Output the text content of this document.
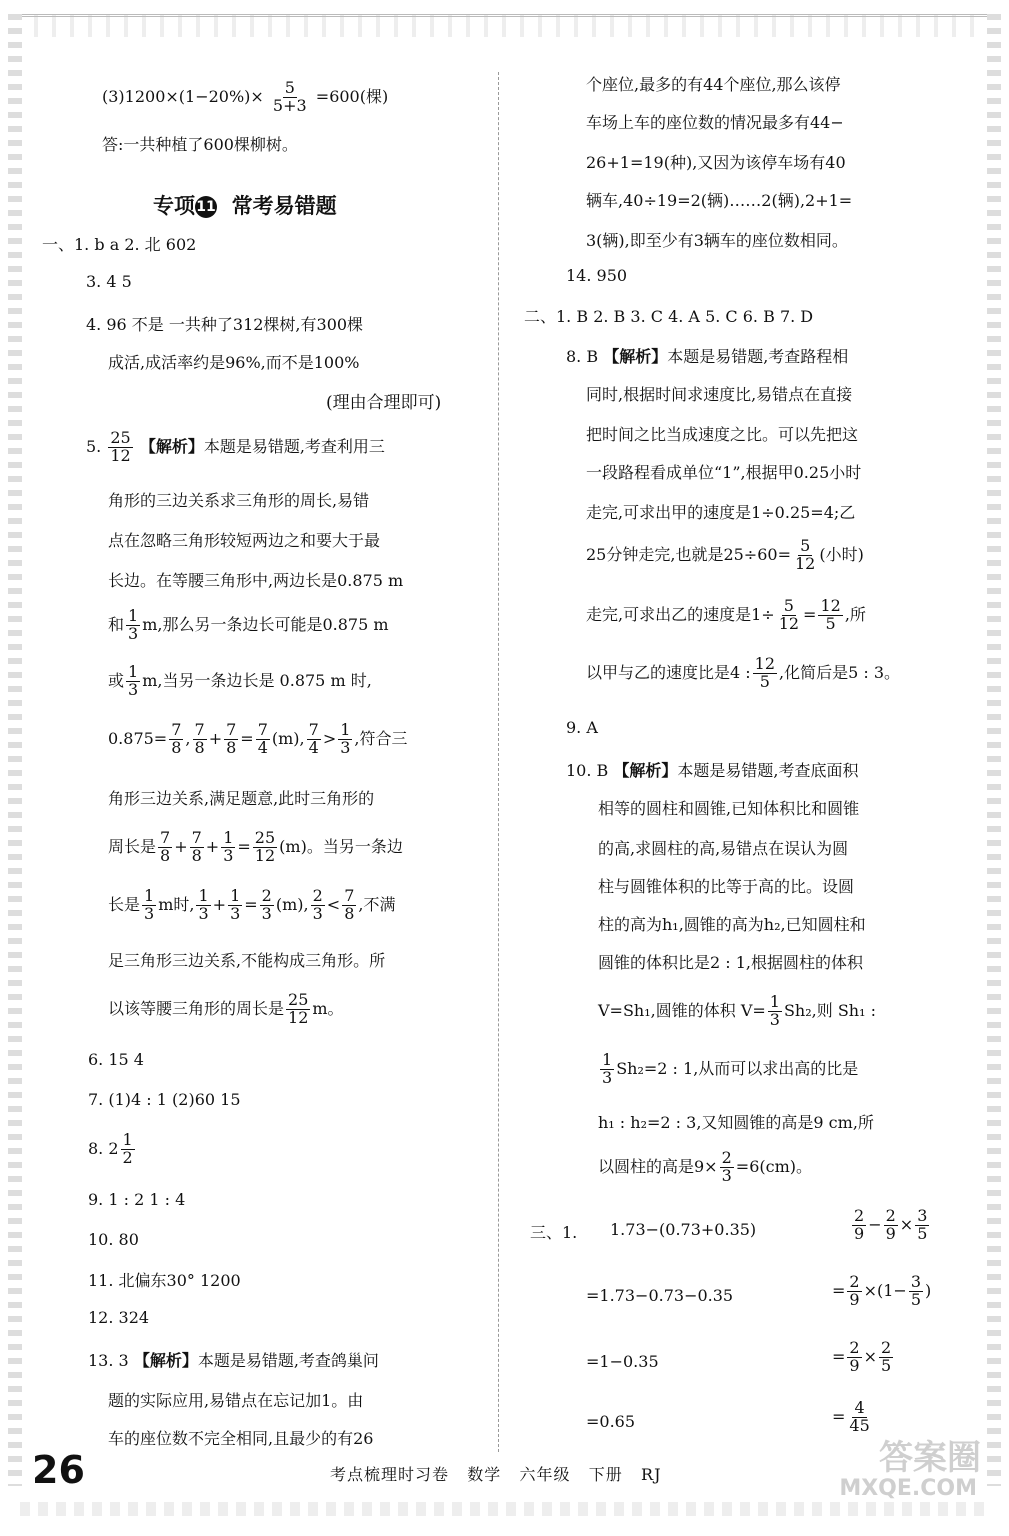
$(3)1200\times(1-20\%)\times \frac{5}{5+3} =600$(棵)
答:一共种植了600棵柳树。
专项11  常考易错题
一、1. b a 2. 北 602
3. 4 5
4. 96 不是 一共种了312棵树,有300棵
成活,成活率约是96%,而不是100%
(理由合理即可)
5. $\frac{25}{12}$ 【解析】本题是易错题,考查利用三
角形的三边关系求三角形的周长,易错
点在忽略三角形较短两边之和要大于最
长边。在等腰三角形中,两边长是0.875 m
和 $\frac{1}{3} m$,那么另一条边长可能是0.875 m
或 $\frac{1}{3} m$,当另一条边长是 0.875 m 时,
$0.875= \frac{7}{8}$ , $\frac{7}{8} + \frac{7}{8} = \frac{7}{4} (m)$, $\frac{7}{4} > \frac{1}{3}$ ,符合三
角形三边关系,满足题意,此时三角形的
周长是 $\frac{7}{8} + \frac{7}{8} + \frac{1}{3} = \frac{25}{12} (m)$。当另一条边
长是 $\frac{1}{3}$ m时, $\frac{1}{3} + \frac{1}{3} = \frac{2}{3} (m)$, $\frac{2}{3} < \frac{7}{8}$ ,不满
足三角形三边关系,不能构成三角形。所
以该等腰三角形的周长是 $\frac{25}{12}$ m。
6. 15 4
7. (1)4 : 1 (2)60 15
8. $2 \frac{1}{2}$
9. 1 : 2 1 : 4
10. 80
11. 北偏东30° 1200
12. 324
13. 3 【解析】本题是易错题,考查鸽巢问
题的实际应用,易错点在忘记加1。由
车的座位数不完全相同,且最少的有26
个座位,最多的有44个座位,那么该停
车场上车的座位数的情况最多有44−
26+1=19(种),又因为该停车场有40
辆车,40÷19=2(辆)……2(辆),2+1=
3(辆),即至少有3辆车的座位数相同。
14. 950
二、1. B 2. B 3. C 4. A 5. C 6. B 7. D
8. B 【解析】本题是易错题,考查路程相
同时,根据时间求速度比,易错点在直接
把时间之比当成速度之比。可以先把这
一段路程看成单位“1”,根据甲0.25小时
走完,可求出甲的速度是1÷0.25=4;乙
25分钟走完,也就是$25\div 60= \frac{5}{12}$ (小时)
走完,可求出乙的速度是$1\div \frac{5}{12} = \frac{12}{5}$ ,所
以甲与乙的速度比是4 : $\frac{12}{5}$ ,化简后是5 : 3。
9. A
10. B 【解析】本题是易错题,考查底面积
相等的圆柱和圆锥,已知体积比和圆锥
的高,求圆柱的高,易错点在误认为圆
柱与圆锥体积的比等于高的比。设圆
柱的高为h₁,圆锥的高为h₂,已知圆柱和
圆锥的体积比是2 : 1,根据圆柱的体积
V=Sh₁,圆锥的体积 $V= \frac{1}{3} Sh_2$,则 Sh₁ :
$\frac{1}{3} Sh_2=2$ : 1,从而可以求出高的比是
h₁ : h₂=2 : 3,又知圆锥的高是9 cm,所
以圆柱的高是$9\times \frac{2}{3} =6(cm)$。
三、1. 1.73−(0.73+0.35)
=1.73−0.73−0.35
=1−0.35
=0.65
$\frac{2}{9} - \frac{2}{9} \times \frac{3}{5}$
= $\frac{2}{9} \times(1- \frac{3}{5}$ )
= $\frac{2}{9} \times \frac{2}{5}$
= $\frac{4}{45}$
26	考点梳理时习卷   数学   六年级   下册   RJ	答案圈
MXQE.COM
